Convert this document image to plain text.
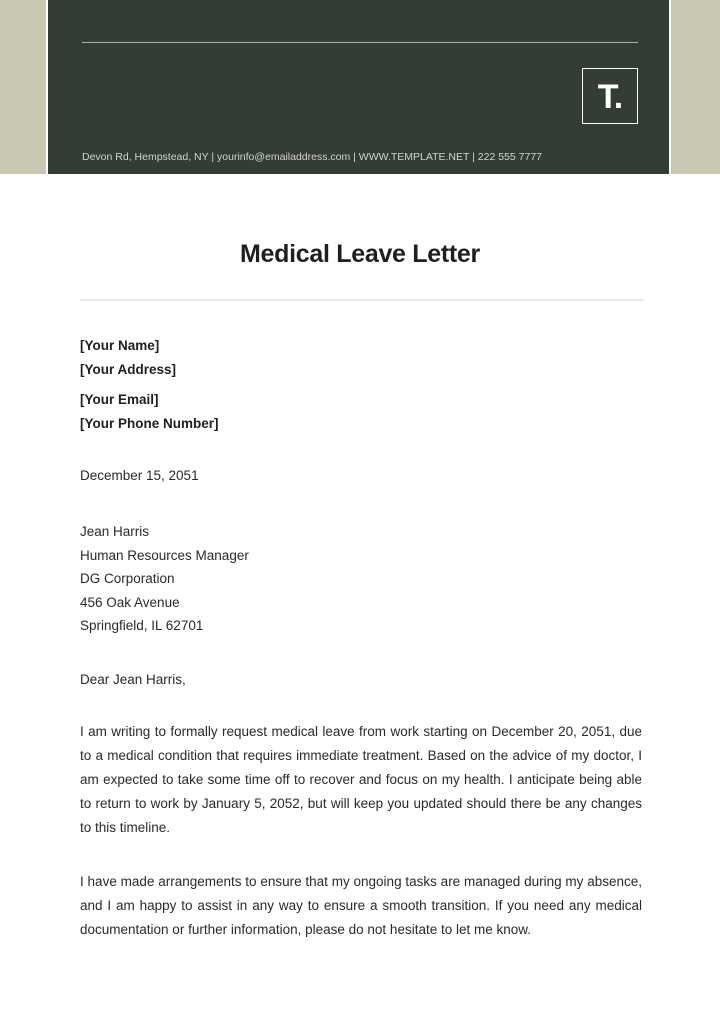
T.
Devon Rd, Hempstead, NY | yourinfo@emailaddress.com | WWW.TEMPLATE.NET | 222 555 7777
Medical Leave Letter
[Your Name]
[Your Address]
[Your Email]
[Your Phone Number]
December 15, 2051
Jean Harris
Human Resources Manager
DG Corporation
456 Oak Avenue
Springfield, IL 62701
Dear Jean Harris,

I am writing to formally request medical leave from work starting on December 20, 2051, due to a medical condition that requires immediate treatment. Based on the advice of my doctor, I am expected to take some time off to recover and focus on my health. I anticipate being able to return to work by January 5, 2052, but will keep you updated should there be any changes to this timeline.

I have made arrangements to ensure that my ongoing tasks are managed during my absence, and I am happy to assist in any way to ensure a smooth transition. If you need any medical documentation or further information, please do not hesitate to let me know.
